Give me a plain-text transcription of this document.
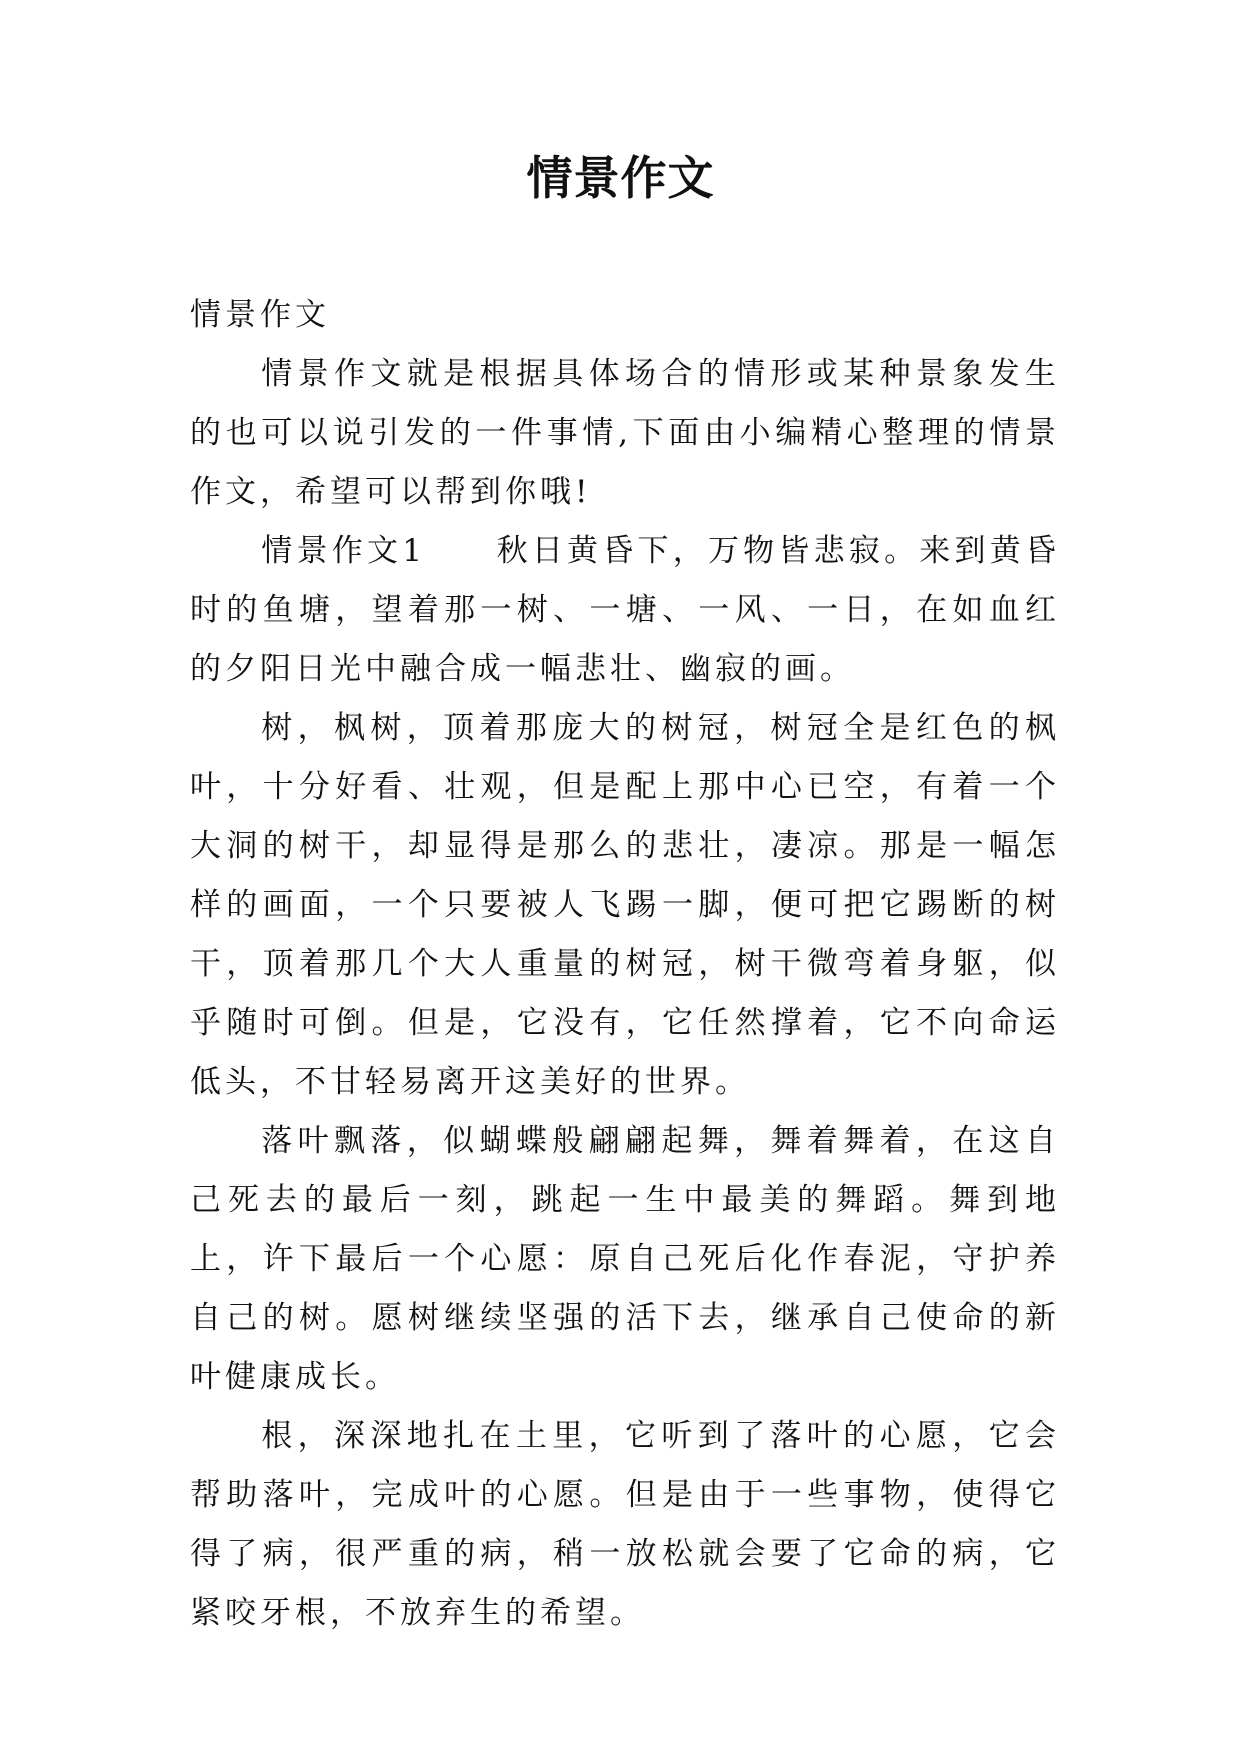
情景作文

情景作文

情景作文就是根据具体场合的情形或某种景象发生的也可以说引发的一件事情,下面由小编精心整理的情景作文，希望可以帮到你哦!

情景作文1　　秋日黄昏下，万物皆悲寂。来到黄昏时的鱼塘，望着那一树、一塘、一风、一日，在如血红的夕阳日光中融合成一幅悲壮、幽寂的画。

树，枫树，顶着那庞大的树冠，树冠全是红色的枫叶，十分好看、壮观，但是配上那中心已空，有着一个大洞的树干，却显得是那么的悲壮，凄凉。那是一幅怎样的画面，一个只要被人飞踢一脚，便可把它踢断的树干，顶着那几个大人重量的树冠，树干微弯着身躯，似乎随时可倒。但是，它没有，它任然撑着，它不向命运低头，不甘轻易离开这美好的世界。

落叶飘落，似蝴蝶般翩翩起舞，舞着舞着，在这自己死去的最后一刻，跳起一生中最美的舞蹈。舞到地上，许下最后一个心愿：原自己死后化作春泥，守护养自己的树。愿树继续坚强的活下去，继承自己使命的新叶健康成长。

根，深深地扎在土里，它听到了落叶的心愿，它会帮助落叶，完成叶的心愿。但是由于一些事物，使得它得了病，很严重的病，稍一放松就会要了它命的病，它紧咬牙根，不放弃生的希望。
